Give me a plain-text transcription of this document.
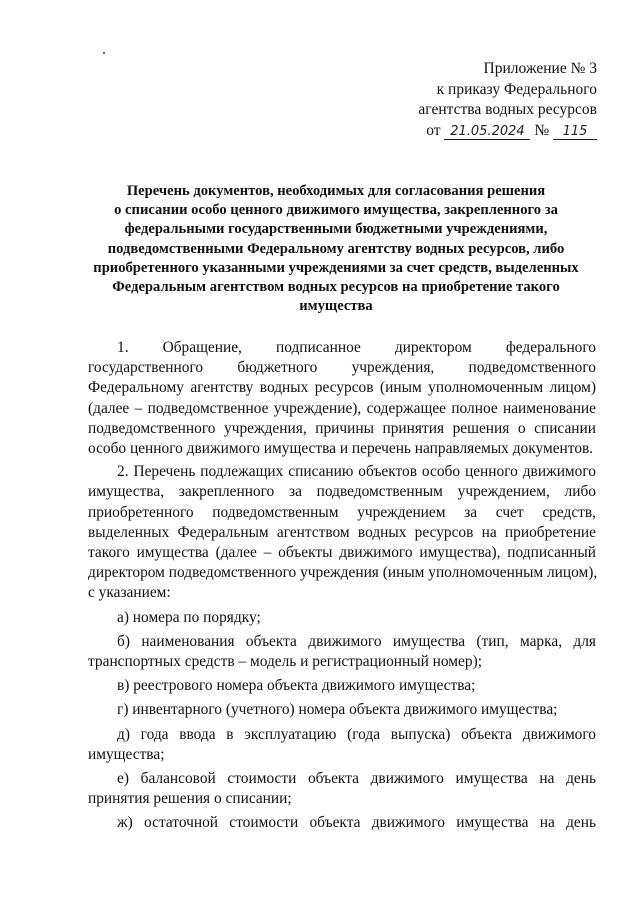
Приложение № 3
к приказу Федерального
агентства водных ресурсов
от 21.05.2024 № 115
Перечень документов, необходимых для согласования решения
о списании особо ценного движимого имущества, закрепленного за
федеральными государственными бюджетными учреждениями,
подведомственными Федеральному агентству водных ресурсов, либо
приобретенного указанными учреждениями за счет средств, выделенных
Федеральным агентством водных ресурсов на приобретение такого
имущества
1. Обращение, подписанное директором федерального
государственного бюджетного учреждения, подведомственного
Федеральному агентству водных ресурсов (иным уполномоченным лицом)
(далее – подведомственное учреждение), содержащее полное наименование
подведомственного учреждения, причины принятия решения о списании
особо ценного движимого имущества и перечень направляемых документов.
2. Перечень подлежащих списанию объектов особо ценного движимого
имущества, закрепленного за подведомственным учреждением, либо
приобретенного подведомственным учреждением за счет средств,
выделенных Федеральным агентством водных ресурсов на приобретение
такого имущества (далее – объекты движимого имущества), подписанный
директором подведомственного учреждения (иным уполномоченным лицом),
с указанием:
а) номера по порядку;
б) наименования объекта движимого имущества (тип, марка, для
транспортных средств – модель и регистрационный номер);
в) реестрового номера объекта движимого имущества;
г) инвентарного (учетного) номера объекта движимого имущества;
д) года ввода в эксплуатацию (года выпуска) объекта движимого
имущества;
е) балансовой стоимости объекта движимого имущества на день
принятия решения о списании;
ж) остаточной стоимости объекта движимого имущества на день
